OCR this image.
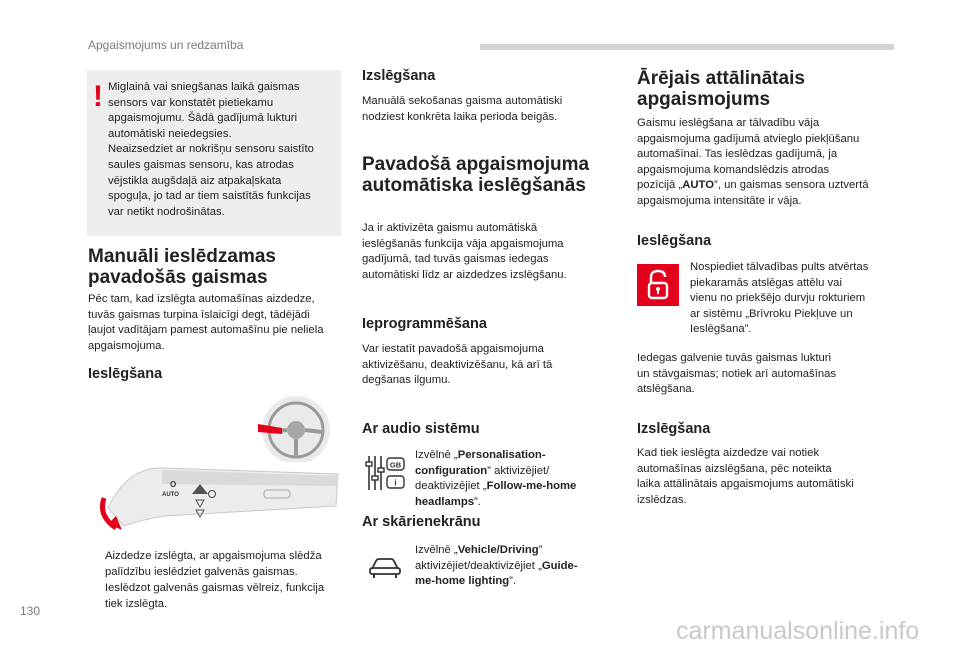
Apgaismojums un redzamība
! Miglainā vai sniegšanas laikā gaismas
sensors var konstatēt pietiekamu
apgaismojumu. Šādā gadījumā lukturi
automātiski neiedegsies.
Neaizsedziet ar nokrišņu sensoru saistīto
saules gaismas sensoru, kas atrodas
vējstikla augšdaļā aiz atpakaļskata
spoguļa, jo tad ar tiem saistītās funkcijas
var netikt nodrošinātas.
Manuāli ieslēdzamas
pavadošās gaismas
Pēc tam, kad izslēgta automašīnas aizdedze,
tuvās gaismas turpina īslaicīgi degt, tādējādi
ļaujot vadītājam pamest automašīnu pie neliela
apgaismojuma.
Ieslēgšana
O
AUTO
Aizdedze izslēgta, ar apgaismojuma slēdža
palīdzību ieslēdziet galvenās gaismas.
Ieslēdzot galvenās gaismas vēlreiz, funkcija
tiek izslēgta.
Izslēgšana
Manuālā sekošanas gaisma automātiski
nodziest konkrēta laika perioda beigās.
Pavadošā apgaismojuma
automātiska ieslēgšanās
Ja ir aktivizēta gaismu automātiskā
ieslēgšanās funkcija vāja apgaismojuma
gadījumā, tad tuvās gaismas iedegas
automātiski līdz ar aizdedzes izslēgšanu.
Ieprogrammēšana
Var iestatīt pavadošā apgaismojuma
aktivizēšanu, deaktivizēšanu, kā arī tā
degšanas ilgumu.
Ar audio sistēmu
GB
i
Izvēlnē „Personalisation-
configuration” aktivizējiet/
deaktivizējiet „Follow-me-home
headlamps”.
Ar skārienekrānu
Izvēlnē „Vehicle/Driving”
aktivizējiet/deaktivizējiet „Guide-
me-home lighting”.
Ārējais attālinātais
apgaismojums
Gaismu ieslēgšana ar tālvadību vāja
apgaismojuma gadījumā atvieglo piekļūšanu
automašīnai. Tas ieslēdzas gadījumā, ja
apgaismojuma komandslēdzis atrodas
pozīcijā „AUTO”, un gaismas sensora uztvertā
apgaismojuma intensitāte ir vāja.
Ieslēgšana
Nospiediet tālvadības pults atvērtas
piekaramās atslēgas attēlu vai
vienu no priekšējo durvju rokturiem
ar sistēmu „Brīvroku Piekļuve un
Ieslēgšana”.
Iedegas galvenie tuvās gaismas lukturi
un stāvgaismas; notiek arī automašīnas
atslēgšana.
Izslēgšana
Kad tiek ieslēgta aizdedze vai notiek
automašīnas aizslēgšana, pēc noteikta
laika attālinātais apgaismojums automātiski
izslēdzas.
130
carmanualsonline.info
